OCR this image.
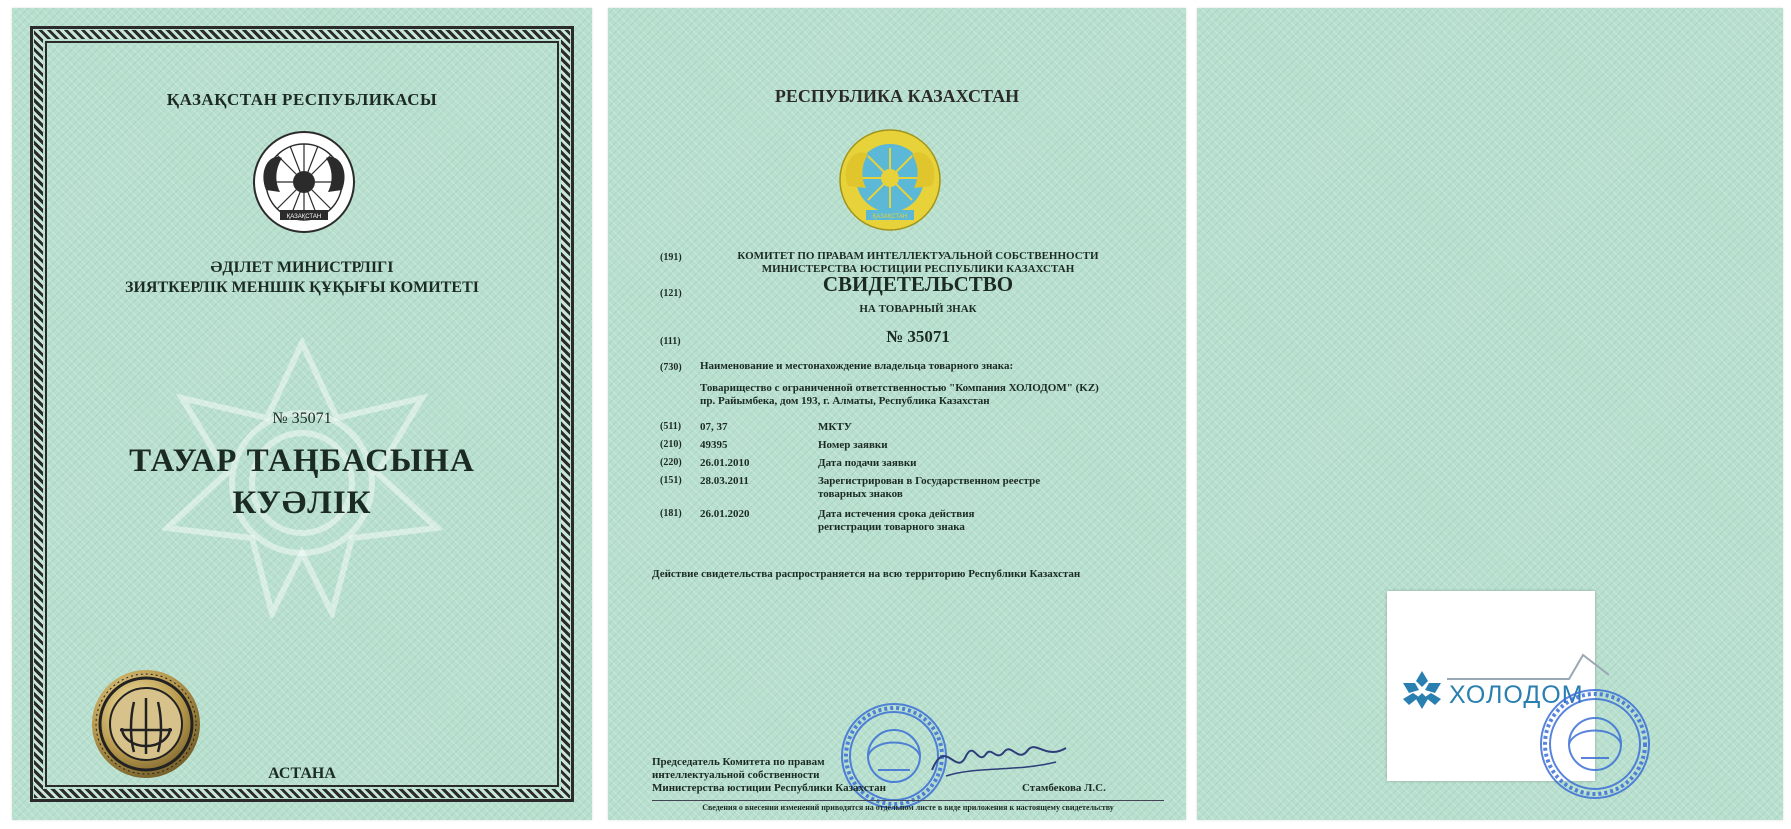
ҚАЗАҚСТАН РЕСПУБЛИКАСЫ
ҚАЗАҚСТАН
ӘДІЛЕТ МИНИСТРЛІГІ
ЗИЯТКЕРЛІК МЕНШІК ҚҰҚЫҒЫ КОМИТЕТІ
№ 35071
ТАУАР ТАҢБАСЫНА
КУӘЛІК
АСТАНА
РЕСПУБЛИКА КАЗАХСТАН
ҚАЗАҚСТАН
(191)	КОМИТЕТ ПО ПРАВАМ ИНТЕЛЛЕКТУАЛЬНОЙ СОБСТВЕННОСТИ
МИНИСТЕРСТВА ЮСТИЦИИ РЕСПУБЛИКИ КАЗАХСТАН
(121)	СВИДЕТЕЛЬСТВО
НА ТОВАРНЫЙ ЗНАК
(111)	№ 35071
(730) Наименование и местонахождение владельца товарного знака:
Товарищество с ограниченной ответственностью "Компания ХОЛОДОМ" (KZ)
пр. Райымбека, дом 193, г. Алматы, Республика Казахстан
(511) 07, 37	МКТУ
(210) 49395	Номер заявки
(220) 26.01.2010	Дата подачи заявки
(151) 28.03.2011	Зарегистрирован в Государственном реестре
товарных знаков
(181) 26.01.2020	Дата истечения срока действия
регистрации товарного знака
Действие свидетельства распространяется на всю территорию Республики Казахстан
Председатель Комитета по правам
интеллектуальной собственности
Министерства юстиции Республики Казахстан	Стамбекова Л.С.
Сведения о внесении изменений приводятся на отдельном листе в виде приложения к настоящему свидетельству
ХОЛОДОМ
